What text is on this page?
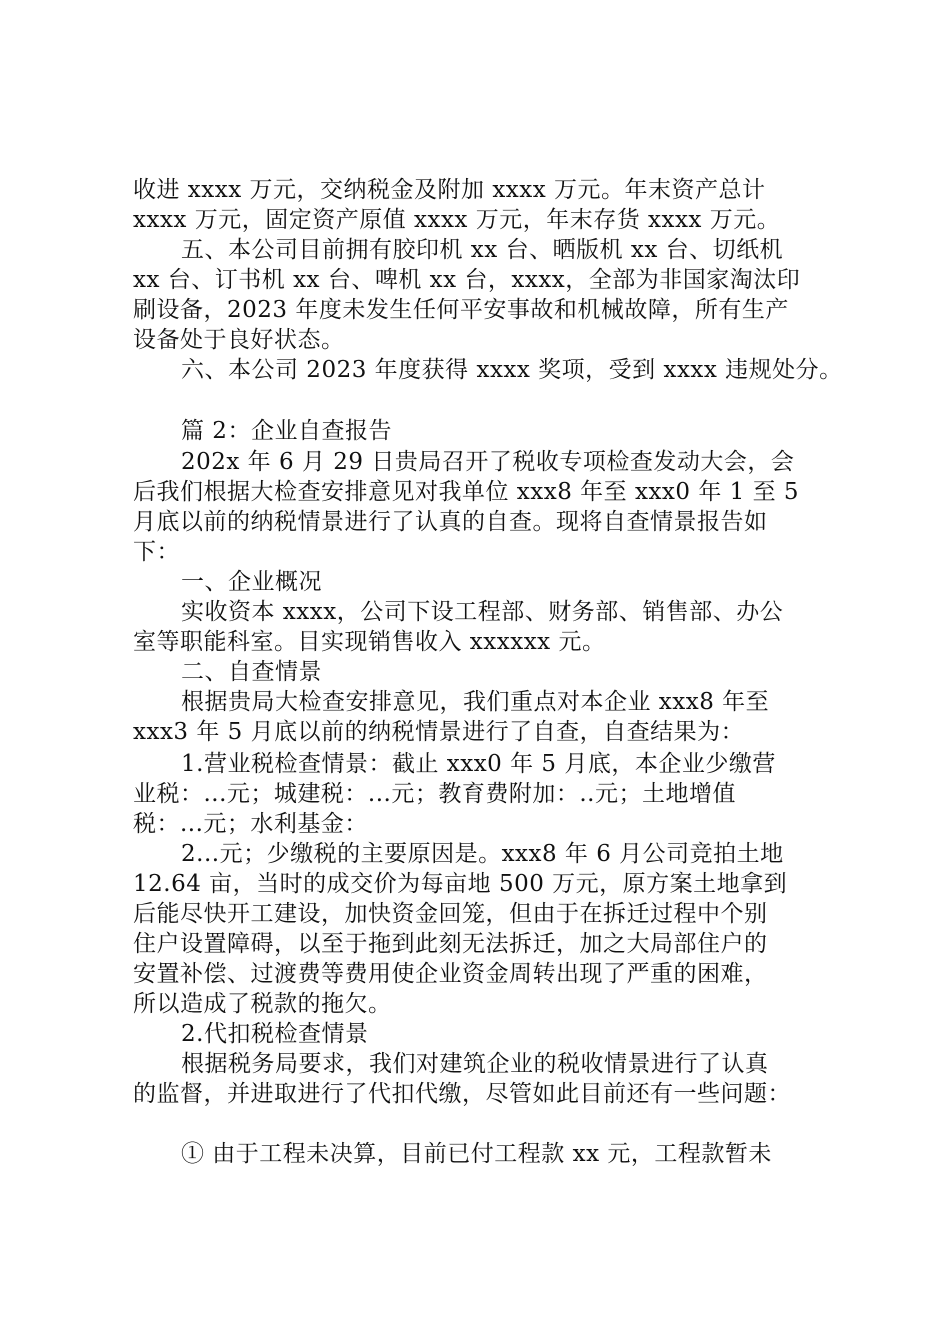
收进 xxxx 万元，交纳税金及附加 xxxx 万元。年末资产总计
xxxx 万元，固定资产原值 xxxx 万元，年末存货 xxxx 万元。
五、本公司目前拥有胶印机 xx 台、晒版机 xx 台、切纸机
xx 台、订书机 xx 台、啤机 xx 台，xxxx，全部为非国家淘汰印
刷设备，2023 年度未发生任何平安事故和机械故障，所有生产
设备处于良好状态。
六、本公司 2023 年度获得 xxxx 奖项，受到 xxxx 违规处分。
篇 2：企业自查报告
202x 年 6 月 29 日贵局召开了税收专项检查发动大会，会
后我们根据大检查安排意见对我单位 xxx8 年至 xxx0 年 1 至 5
月底以前的纳税情景进行了认真的自查。现将自查情景报告如
下：
一、企业概况
实收资本 xxxx，公司下设工程部、财务部、销售部、办公
室等职能科室。目实现销售收入 xxxxxx 元。
二、自查情景
根据贵局大检查安排意见，我们重点对本企业 xxx8 年至
xxx3 年 5 月底以前的纳税情景进行了自查，自查结果为：
1.营业税检查情景：截止 xxx0 年 5 月底，本企业少缴营
业税：...元；城建税：...元；教育费附加：..元；土地增值
税：...元；水利基金：
2...元；少缴税的主要原因是。xxx8 年 6 月公司竞拍土地
12.64 亩，当时的成交价为每亩地 500 万元，原方案土地拿到
后能尽快开工建设，加快资金回笼，但由于在拆迁过程中个别
住户设置障碍，以至于拖到此刻无法拆迁，加之大局部住户的
安置补偿、过渡费等费用使企业资金周转出现了严重的困难，
所以造成了税款的拖欠。
2.代扣税检查情景
根据税务局要求，我们对建筑企业的税收情景进行了认真
的监督，并进取进行了代扣代缴，尽管如此目前还有一些问题：
① 由于工程未决算，目前已付工程款 xx 元，工程款暂未
